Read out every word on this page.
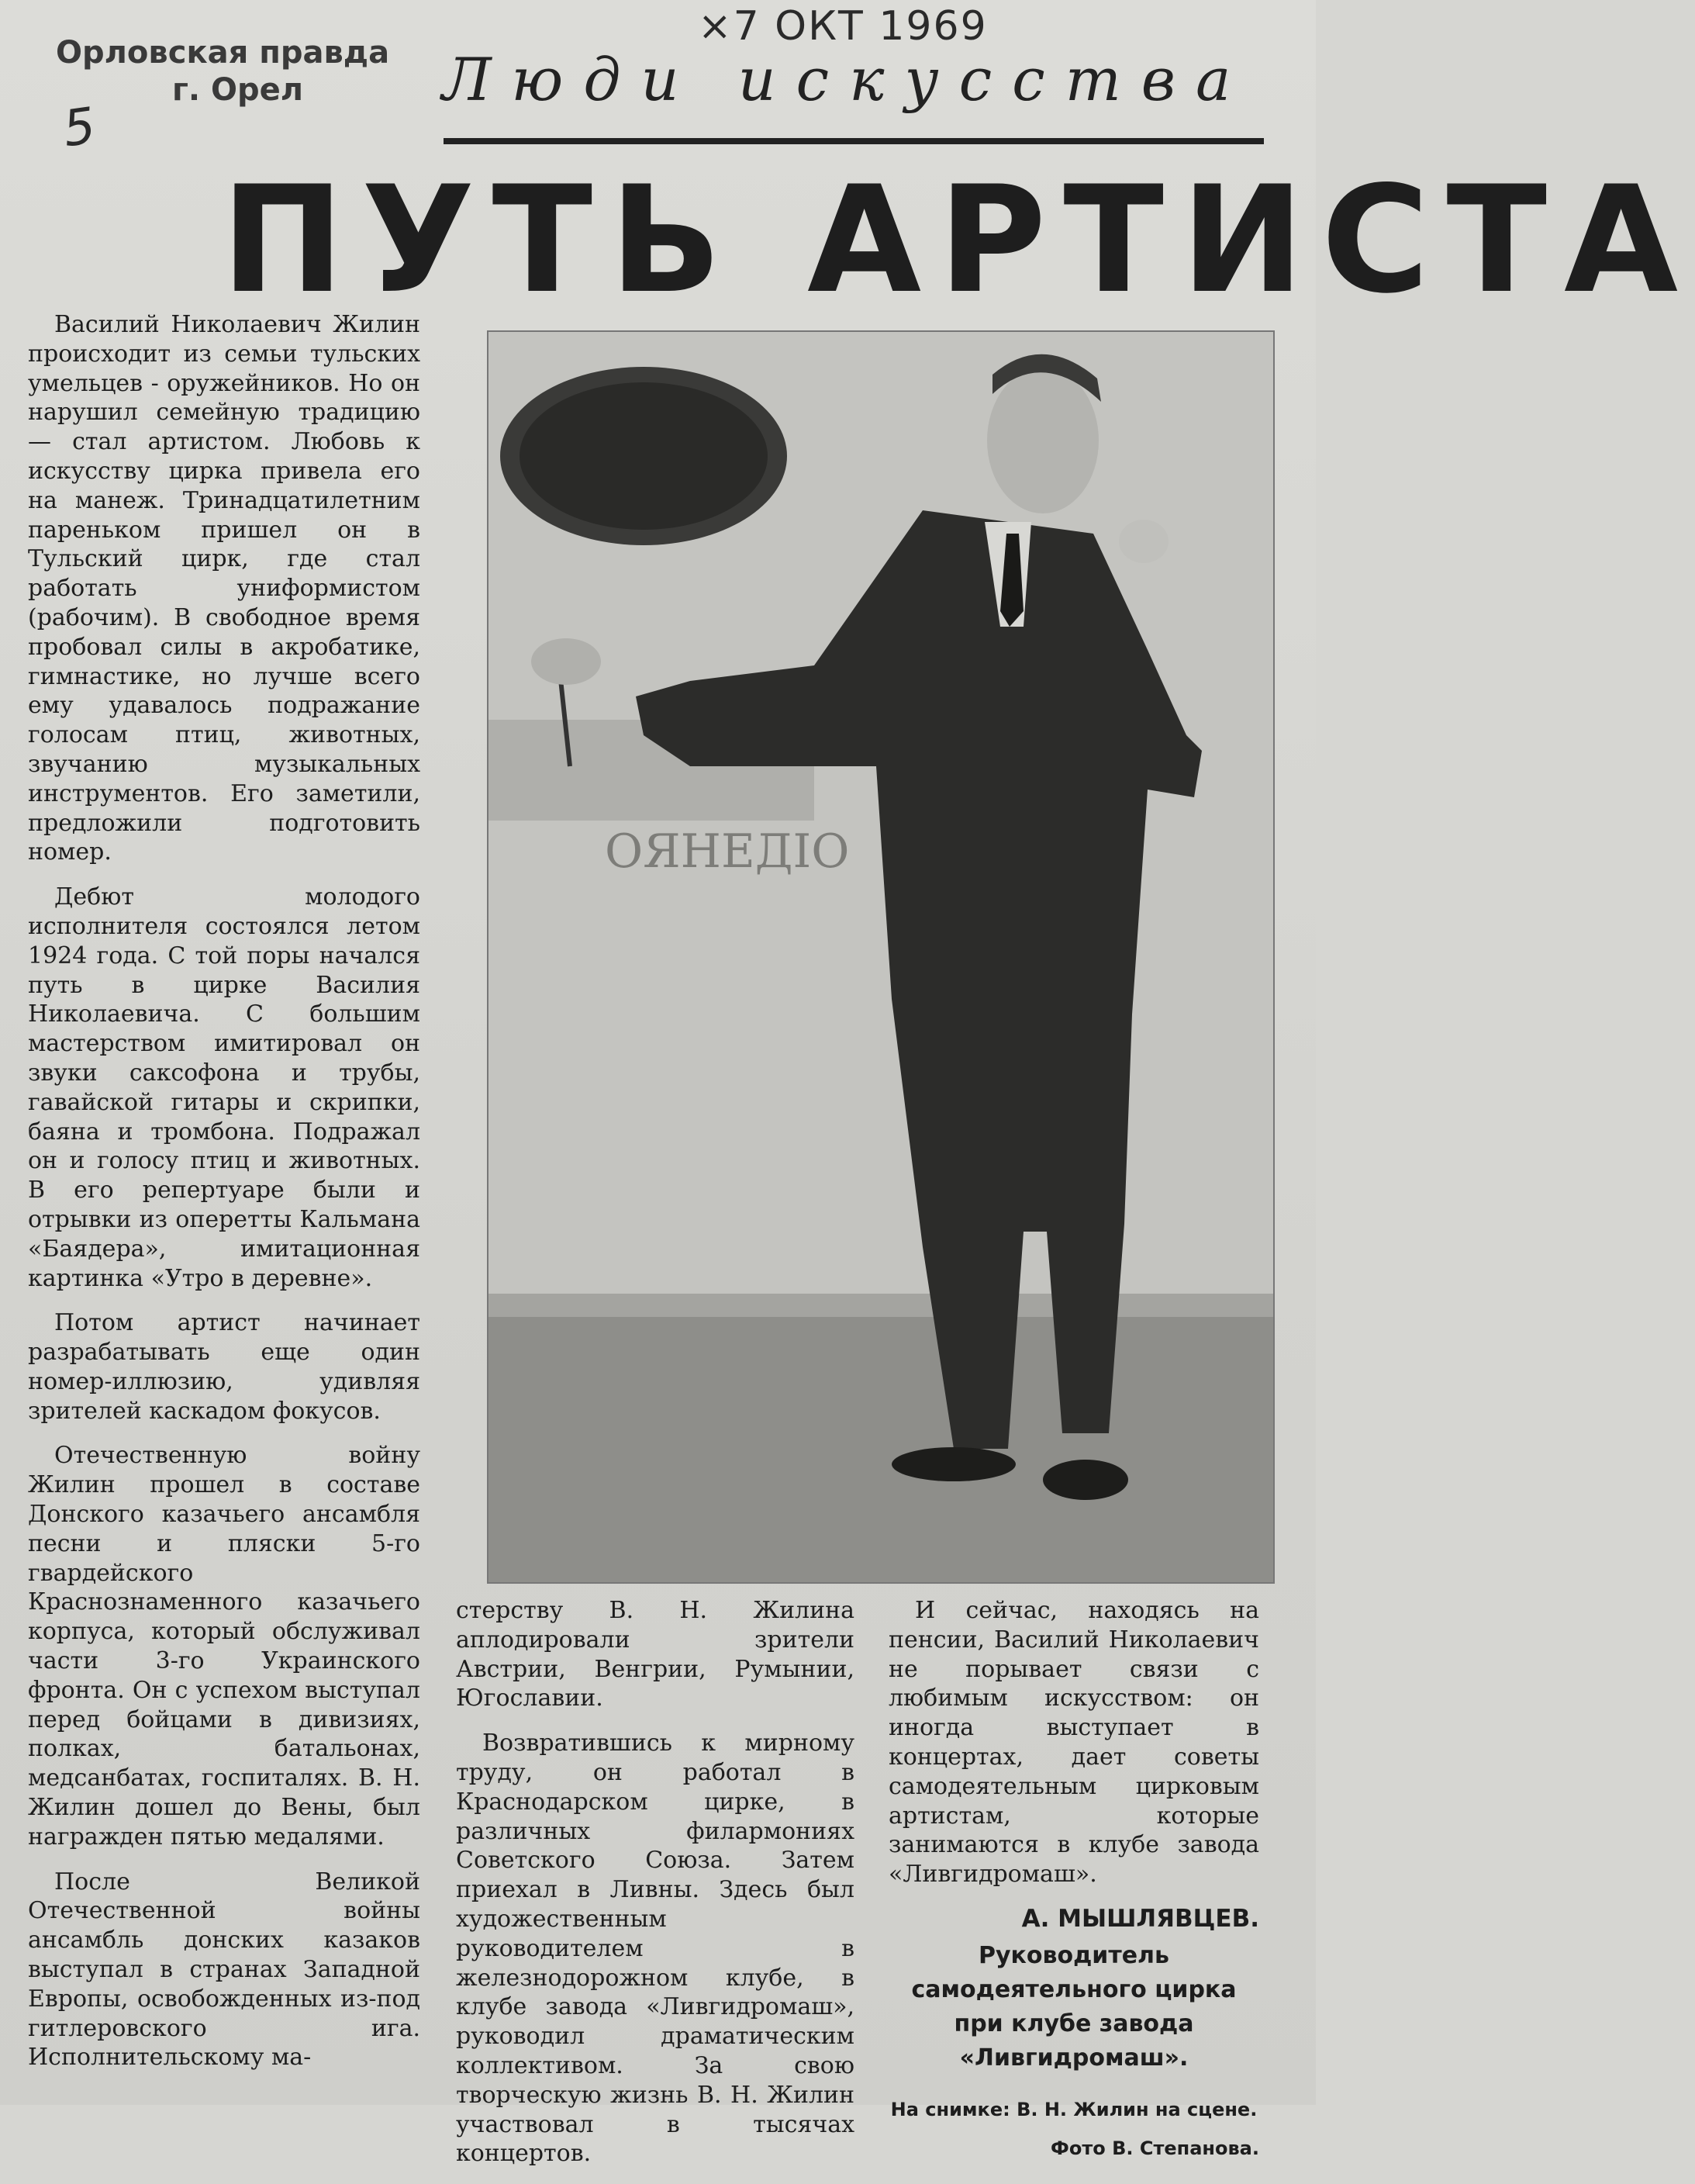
Орловская правда
г. Орел
5
×7 ОКТ 1969
Люди искусства
ПУТЬ АРТИСТА

Василий Николаевич Жилин происходит из семьи тульских умельцев - оружейников. Но он нарушил семейную традицию — стал артистом. Любовь к искусству цирка привела его на манеж. Тринадцатилетним пареньком пришел он в Тульский цирк, где стал работать униформистом (рабочим). В свободное время пробовал силы в акробатике, гимнастике, но лучше всего ему удавалось подражание голосам птиц, животных, звучанию музыкальных инструментов. Его заметили, предложили подготовить номер.

Дебют молодого исполнителя состоялся летом 1924 года. С той поры начался путь в цирке Василия Николаевича. С большим мастерством имитировал он звуки саксофона и трубы, гавайской гитары и скрипки, баяна и тромбона. Подражал он и голосу птиц и животных. В его репертуаре были и отрывки из оперетты Кальмана «Баядера», имитационная картинка «Утро в деревне».

Потом артист начинает разрабатывать еще один номер-иллюзию, удивляя зрителей каскадом фокусов.

Отечественную войну Жилин прошел в составе Донского казачьего ансамбля песни и пляски 5-го гвардейского Краснознаменного казачьего корпуса, который обслуживал части 3-го Украинского фронта. Он с успехом выступал перед бойцами в дивизиях, полках, батальонах, медсанбатах, госпиталях. В. Н. Жилин дошел до Вены, был награжден пятью медалями.

После Великой Отечественной войны ансамбль донских казаков выступал в странах Западной Европы, освобожденных из-под гитлеровского ига. Исполнительскому ма-

ОЯНЕДІО

стерству В. Н. Жилина аплодировали зрители Австрии, Венгрии, Румынии, Югославии.

Возвратившись к мирному труду, он работал в Краснодарском цирке, в различных филармониях Советского Союза. Затем приехал в Ливны. Здесь был художественным руководителем в железнодорожном клубе, в клубе завода «Ливгидромаш», руководил драматическим коллективом. За свою творческую жизнь В. Н. Жилин участвовал в тысячах концертов.

И сейчас, находясь на пенсии, Василий Николаевич не порывает связи с любимым искусством: он иногда выступает в концертах, дает советы самодеятельным цирковым артистам, которые занимаются в клубе завода «Ливгидромаш».

А. МЫШЛЯВЦЕВ.
Руководитель самодеятельного цирка при клубе завода «Ливгидромаш».
На снимке: В. Н. Жилин на сцене.
Фото В. Степанова.
